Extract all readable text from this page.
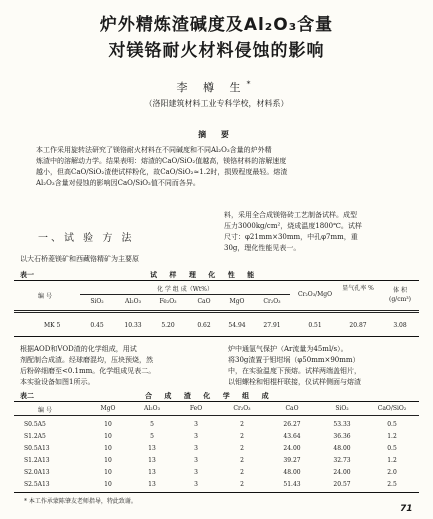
炉外精炼渣碱度及Al₂O₃含量
对镁铬耐火材料侵蚀的影响
李 樽 生*
（洛阳建筑材料工业专科学校，材料系）
摘 要
本工作采用旋转法研究了镁铬耐火材料在不同碱度和不同Al₂O₃含量的炉外精
炼渣中的溶解动力学。结果表明：熔渣的CaO/SiO₂值越高，镁铬材料的溶解速度
越小，但高CaO/SiO₂渣使试样粉化，故CaO/SiO₂≈1.2时，损毁程度最轻。熔渣
Al₂O₃含量对侵蚀的影响因CaO/SiO₂值不同而各异。
一、试 验 方 法
以大石桥菱镁矿和西藏铬精矿为主要原
料，采用全合成镁铬砖工艺制备试样。成型
压力3000kg/cm²，烧成温度1800℃。试样
尺寸：φ21mm×30mm，中孔φ7mm，重
30g，理化性能见表一。
表一	试 样 理 化 性 能
编 号
化 学 组 成（Wt%）
Cr₂O₃/MgO
显气孔率 %	体 积
(g/cm³)
SiO₂	Al₂O₃	Fe₂O₃	CaO	MgO	Cr₂O₃
MK 5	0.45	10.33	5.20	0.62	54.94	27.91	0.51	20.87	3.08
根据AOD和VOD渣的化学组成，用试
剂配制合成渣。经球磨混均，压块预烧，然
后粉碎细磨至<0.1mm。化学组成见表二。
本实验设备如图1所示。
炉中通氩气保护（Ar流量为45ml/s）。
将30g渣置于钼坩埚（φ50mm×90mm）
中，在实验温度下预熔。试样两端盖钼片，
以钼螺栓和钼棍杆联接，仪试样侧面与熔渣
表二	合 成 渣 化 学 组 成
编 号	MgO	Al₂O₃	FeO	Cr₂O₃	CaO	SiO₂	CaO/SiO₂
S0.5A5	10	5	3	2	26.27	53.33	0.5
S1.2A5	10	5	3	2	43.64	36.36	1.2
S0.5A13	10	13	3	2	24.00	48.00	0.5
S1.2A13	10	13	3	2	39.27	32.73	1.2
S2.0A13	10	13	3	2	48.00	24.00	2.0
S2.5A13	10	13	3	2	51.43	20.57	2.5
* 本工作承蒙陈肇友老师指导，特此致谢。
71
